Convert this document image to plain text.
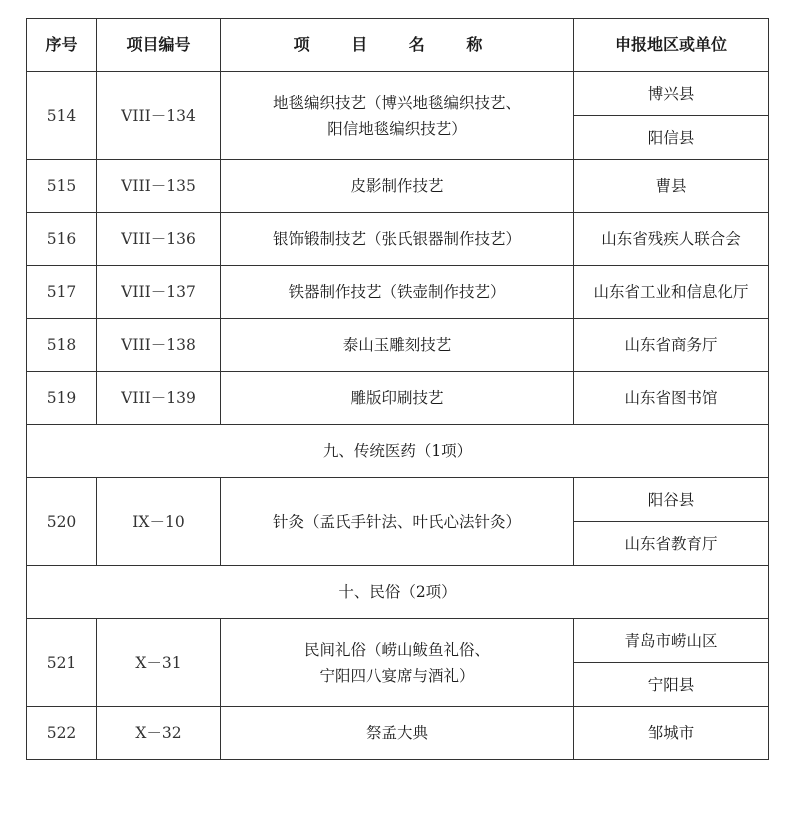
序号	项目编号	项 目 名 称	申报地区或单位
514	VIII－134	地毯编织技艺（博兴地毯编织技艺、
阳信地毯编织技艺）	博兴县
			阳信县
515	VIII－135	皮影制作技艺	曹县
516	VIII－136	银饰锻制技艺（张氏银器制作技艺）	山东省残疾人联合会
517	VIII－137	铁器制作技艺（铁壶制作技艺）	山东省工业和信息化厅
518	VIII－138	泰山玉雕刻技艺	山东省商务厅
519	VIII－139	雕版印刷技艺	山东省图书馆
九、传统医药（1项）			
520	IX－10	针灸（孟氏手针法、叶氏心法针灸）	阳谷县
			山东省教育厅
十、民俗（2项）			
521	X－31	民间礼俗（崂山鲅鱼礼俗、
宁阳四八宴席与酒礼）	青岛市崂山区
			宁阳县
522	X－32	祭孟大典	邹城市
